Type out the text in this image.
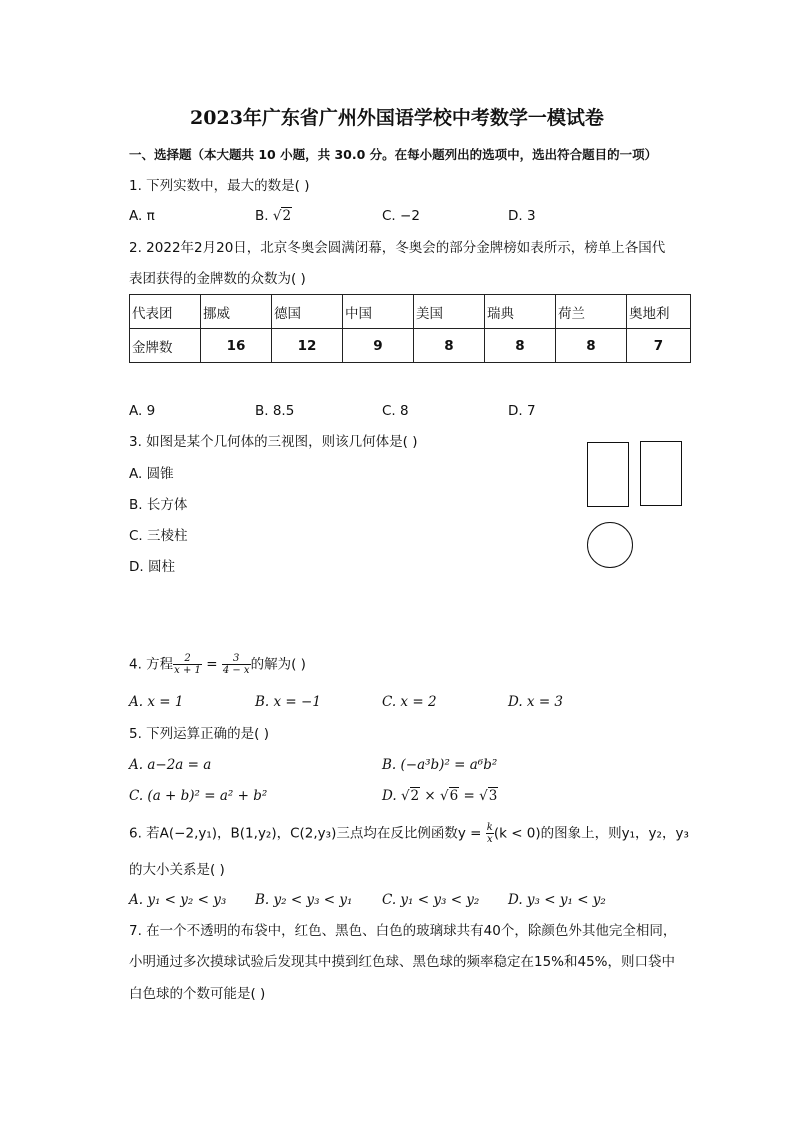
2023年广东省广州外国语学校中考数学一模试卷
一、选择题（本大题共 10 小题，共 30.0 分。在每小题列出的选项中，选出符合题目的一项）
1. 下列实数中，最大的数是( )
A. π	B. √2	C. −2	D. 3
2. 2022年2月20日，北京冬奥会圆满闭幕，冬奥会的部分金牌榜如表所示，榜单上各国代
表团获得的金牌数的众数为( )
代表团	挪威	德国	中国	美国	瑞典	荷兰	奥地利
金牌数	16	12	9	8	8	8	7
A. 9	B. 8.5	C. 8	D. 7
3. 如图是某个几何体的三视图，则该几何体是( )
A. 圆锥
B. 长方体
C. 三棱柱
D. 圆柱
4. 方程 $\frac{2}{x + 1} = \frac{3}{4 - x}$ 的解为( )
A. x = 1	B. x = −1	C. x = 2	D. x = 3
5. 下列运算正确的是( )
A. a−2a = a	B. (−a³b)² = a⁶b²
C. (a + b)² = a² + b²	D. √2 × √6 = √3
6. 若A(−2,y₁)，B(1,y₂)，C(2,y₃)三点均在反比例函数$y = \frac{k}{x} (k < 0)$的图象上，则y₁，y₂，y₃
的大小关系是( )
A. y₁ < y₂ < y₃ B. y₂ < y₃ < y₁ C. y₁ < y₃ < y₂ D. y₃ < y₁ < y₂
7. 在一个不透明的布袋中，红色、黑色、白色的玻璃球共有40个，除颜色外其他完全相同，
小明通过多次摸球试验后发现其中摸到红色球、黑色球的频率稳定在15%和45%，则口袋中
白色球的个数可能是( )
